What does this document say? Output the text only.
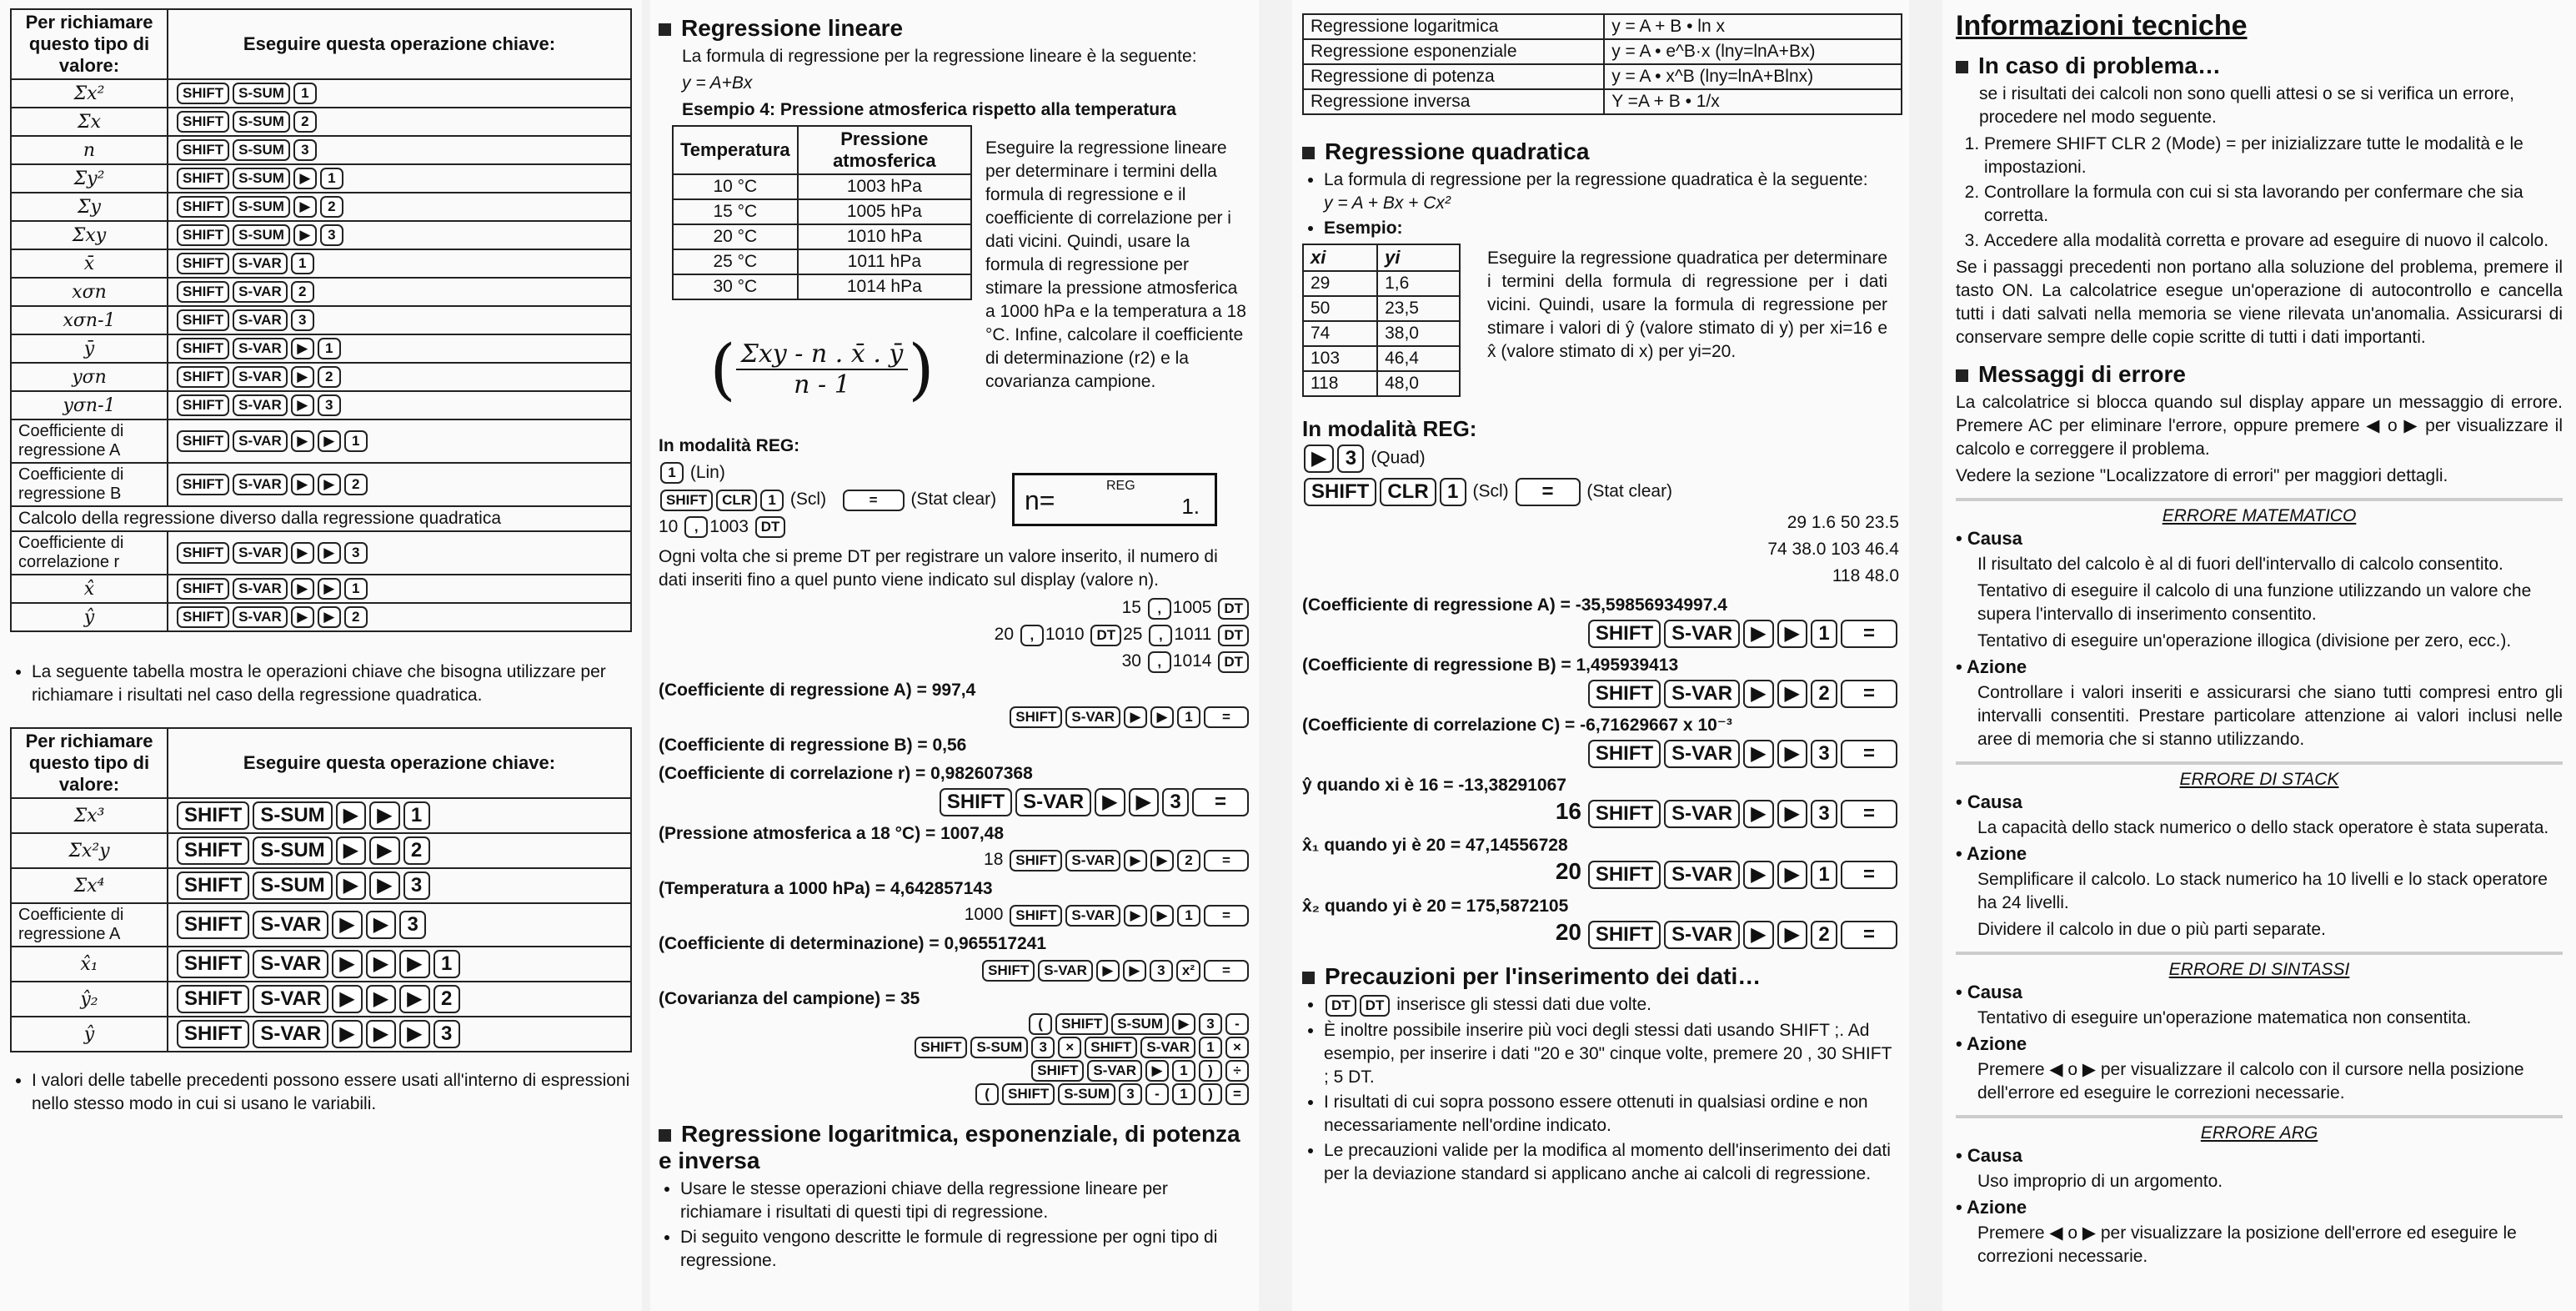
Per richiamare questo tipo di valore:	Eseguire questa operazione chiave:
Σx²	SHIFT S-SUM 1
Σx	SHIFT S-SUM 2
n	SHIFT S-SUM 3
Σy²	SHIFT S-SUM ▶ 1
Σy	SHIFT S-SUM ▶ 2
Σxy	SHIFT S-SUM ▶ 3
x̄	SHIFT S-VAR 1
xσn	SHIFT S-VAR 2
xσn-1	SHIFT S-VAR 3
ȳ	SHIFT S-VAR ▶ 1
yσn	SHIFT S-VAR ▶ 2
yσn-1	SHIFT S-VAR ▶ 3
Coefficiente di regressione A	SHIFT S-VAR ▶ ▶ 1
Coefficiente di regressione B	SHIFT S-VAR ▶ ▶ 2
Calcolo della regressione diverso dalla regressione quadratica	
Coefficiente di correlazione r	SHIFT S-VAR ▶ ▶ 3
x̂	SHIFT S-VAR ▶ ▶ 1
ŷ	SHIFT S-VAR ▶ ▶ 2
• La seguente tabella mostra le operazioni chiave che bisogna utilizzare per richiamare i risultati nel caso della regressione quadratica.
Per richiamare questo tipo di valore:	Eseguire questa operazione chiave:
Σx³	SHIFT S-SUM ▶ ▶ 1
Σx²y	SHIFT S-SUM ▶ ▶ 2
Σx⁴	SHIFT S-SUM ▶ ▶ 3
Coefficiente di regressione A	SHIFT S-VAR ▶ ▶ 3
x̂₁	SHIFT S-VAR ▶ ▶ ▶ 1
ŷ₂	SHIFT S-VAR ▶ ▶ ▶ 2
ŷ	SHIFT S-VAR ▶ ▶ ▶ 3
• I valori delle tabelle precedenti possono essere usati all'interno di espressioni nello stesso modo in cui si usano le variabili.
Regressione lineare

La formula di regressione per la regressione lineare è la seguente:

y = A+Bx

Esempio 4: Pressione atmosferica rispetto alla temperatura

Temperatura	Pressione atmosferica
10 °C	1003 hPa
15 °C	1005 hPa
20 °C	1010 hPa
25 °C	1011 hPa
30 °C	1014 hPa
( Σxy - n . x̄ . ȳ
n - 1 )

Eseguire la regressione lineare per determinare i termini della formula di regressione e il coefficiente di correlazione per i dati vicini. Quindi, usare la formula di regressione per stimare la pressione atmosferica a 1000 hPa e la temperatura a 18 °C. Infine, calcolare il coefficiente di determinazione (r2) e la covarianza campione.

In modalità REG:

1 (Lin)

SHIFT CLR 1 (Scl)	= (Stat clear)

10 , 1003 DT

n=	REG
1.

Ogni volta che si preme DT per registrare un valore inserito, il numero di dati inseriti fino a quel punto viene indicato sul display (valore n).

15 , 1005 DT
20 , 1010 DT 25 , 1011 DT
30 , 1014 DT
(Coefficiente di regressione A) = 997,4
SHIFT S-VAR ▶ ▶ 1 =
(Coefficiente di regressione B) = 0,56
(Coefficiente di correlazione r) = 0,982607368
SHIFT S-VAR ▶ ▶ 3 =
(Pressione atmosferica a 18 °C) = 1007,48
18 SHIFT S-VAR ▶ ▶ 2 =
(Temperatura a 1000 hPa) = 4,642857143
1000 SHIFT S-VAR ▶ ▶ 1 =
(Coefficiente di determinazione) = 0,965517241
SHIFT S-VAR ▶ ▶ 3 x² =
(Covarianza del campione) = 35
( SHIFT S-SUM ▶ 3 -
SHIFT S-SUM 3 × SHIFT S-VAR 1 ×
SHIFT S-VAR ▶ 1 ) ÷
( SHIFT S-SUM 3 - 1 ) =
Regressione logaritmica, esponenziale, di potenza e inversa
• Usare le stesse operazioni chiave della regressione lineare per richiamare i risultati di questi tipi di regressione.
• Di seguito vengono descritte le formule di regressione per ogni tipo di regressione.
Regressione logaritmica	y = A + B • ln x
Regressione esponenziale	y = A • e^B·x (lny=lnA+Bx)
Regressione di potenza	y = A • x^B (lny=lnA+Blnx)
Regressione inversa	Y =A + B • 1/x
Regressione quadratica
• La formula di regressione per la regressione quadratica è la seguente:
y = A + Bx + Cx²
• Esempio:
xi	yi
29	1,6
50	23,5
74	38,0
103	46,4
118	48,0

Eseguire la regressione quadratica per determinare i termini della formula di regressione per i dati vicini. Quindi, usare la formula di regressione per stimare i valori di ŷ (valore stimato di y) per xi=16 e x̂ (valore stimato di x) per yi=20.

In modalità REG:

▶ 3 (Quad)

SHIFT CLR 1 (Scl) = (Stat clear)

29 1.6 50 23.5
74 38.0 103 46.4
118 48.0
(Coefficiente di regressione A) = -35,59856934997.4
SHIFT S-VAR ▶ ▶ 1 =
(Coefficiente di regressione B) = 1,495939413
SHIFT S-VAR ▶ ▶ 2 =
(Coefficiente di correlazione C) = -6,71629667 x 10⁻³
SHIFT S-VAR ▶ ▶ 3 =
ŷ quando xi è 16 = -13,38291067
16 SHIFT S-VAR ▶ ▶ 3 =
x̂₁ quando yi è 20 = 47,14556728
20 SHIFT S-VAR ▶ ▶ 1 =
x̂₂ quando yi è 20 = 175,5872105
20 SHIFT S-VAR ▶ ▶ 2 =
Precauzioni per l'inserimento dei dati…
• DT DT inserisce gli stessi dati due volte.
• È inoltre possibile inserire più voci degli stessi dati usando SHIFT ;. Ad esempio, per inserire i dati "20 e 30" cinque volte, premere 20 , 30 SHIFT ; 5 DT.
• I risultati di cui sopra possono essere ottenuti in qualsiasi ordine e non necessariamente nell'ordine indicato.
• Le precauzioni valide per la modifica al momento dell'inserimento dei dati per la deviazione standard si applicano anche ai calcoli di regressione.
Informazioni tecniche
In caso di problema…

se i risultati dei calcoli non sono quelli attesi o se si verifica un errore, procedere nel modo seguente.

1. Premere SHIFT CLR 2 (Mode) = per inizializzare tutte le modalità e le impostazioni.
2. Controllare la formula con cui si sta lavorando per confermare che sia corretta.
3. Accedere alla modalità corretta e provare ad eseguire di nuovo il calcolo.

Se i passaggi precedenti non portano alla soluzione del problema, premere il tasto ON. La calcolatrice esegue un'operazione di autocontrollo e cancella tutti i dati salvati nella memoria se viene rilevata un'anomalia. Assicurarsi di conservare sempre delle copie scritte di tutti i dati importanti.

Messaggi di errore

La calcolatrice si blocca quando sul display appare un messaggio di errore. Premere AC per eliminare l'errore, oppure premere ◀ o ▶ per visualizzare il calcolo e correggere il problema.

Vedere la sezione "Localizzatore di errori" per maggiori dettagli.

ERRORE MATEMATICO
• Causa

Il risultato del calcolo è al di fuori dell'intervallo di calcolo consentito.

Tentativo di eseguire il calcolo di una funzione utilizzando un valore che supera l'intervallo di inserimento consentito.

Tentativo di eseguire un'operazione illogica (divisione per zero, ecc.).

• Azione

Controllare i valori inseriti e assicurarsi che siano tutti compresi entro gli intervalli consentiti. Prestare particolare attenzione ai valori inclusi nelle aree di memoria che si stanno utilizzando.

ERRORE DI STACK
• Causa

La capacità dello stack numerico o dello stack operatore è stata superata.

• Azione

Semplificare il calcolo. Lo stack numerico ha 10 livelli e lo stack operatore ha 24 livelli.

Dividere il calcolo in due o più parti separate.

ERRORE DI SINTASSI
• Causa

Tentativo di eseguire un'operazione matematica non consentita.

• Azione

Premere ◀ o ▶ per visualizzare il calcolo con il cursore nella posizione dell'errore ed eseguire le correzioni necessarie.

ERRORE ARG
• Causa

Uso improprio di un argomento.

• Azione

Premere ◀ o ▶ per visualizzare la posizione dell'errore ed eseguire le correzioni necessarie.
